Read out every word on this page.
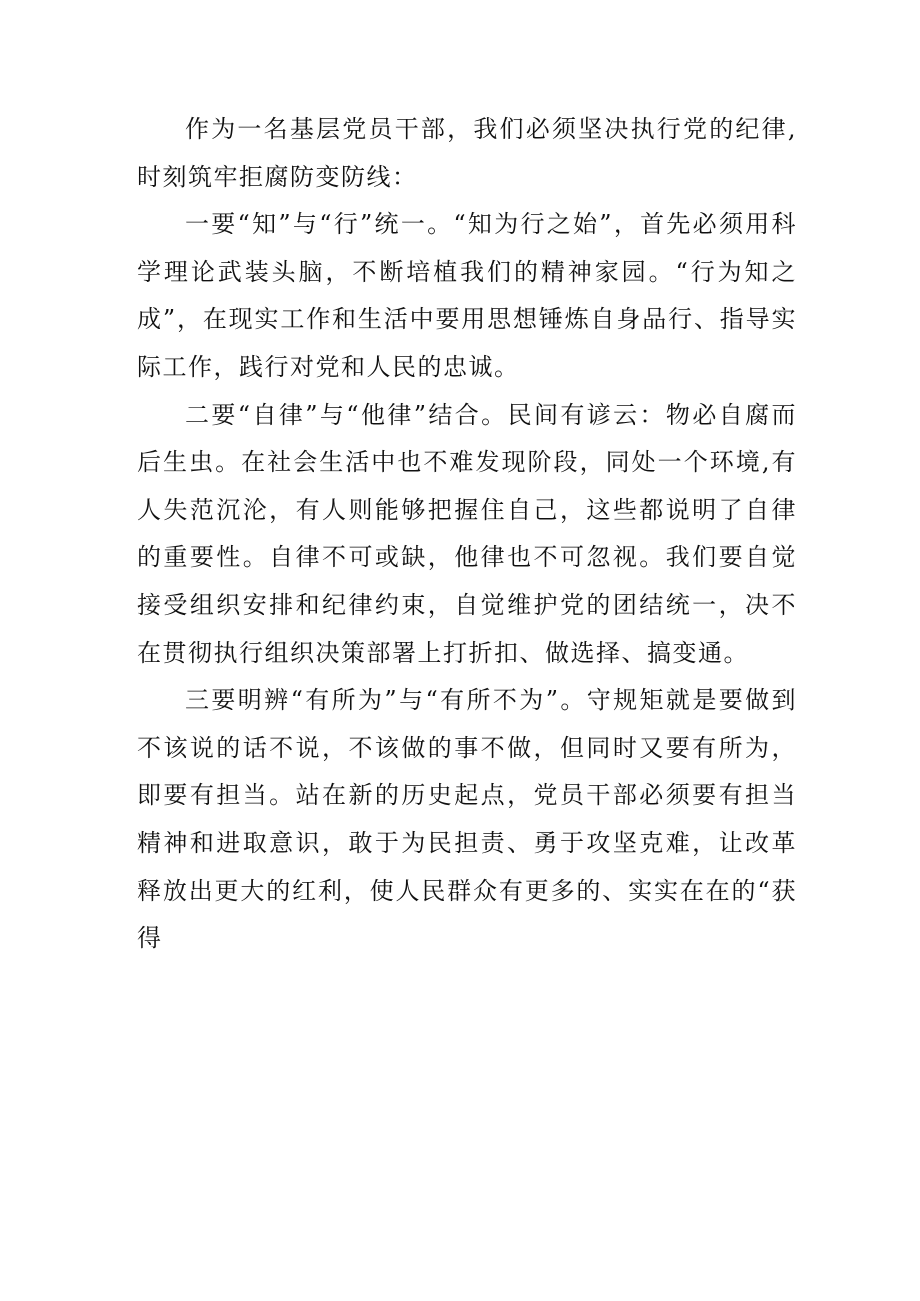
作为一名基层党员干部，我们必须坚决执行党的纪律,时刻筑牢拒腐防变防线：

一要“知”与“行”统一。“知为行之始”，首先必须用科学理论武装头脑，不断培植我们的精神家园。“行为知之成”，在现实工作和生活中要用思想锤炼自身品行、指导实际工作，践行对党和人民的忠诚。

二要“自律”与“他律”结合。民间有谚云：物必自腐而后生虫。在社会生活中也不难发现阶段，同处一个环境,有人失范沉沦，有人则能够把握住自己，这些都说明了自律的重要性。自律不可或缺，他律也不可忽视。我们要自觉接受组织安排和纪律约束，自觉维护党的团结统一，决不在贯彻执行组织决策部署上打折扣、做选择、搞变通。

三要明辨“有所为”与“有所不为”。守规矩就是要做到不该说的话不说，不该做的事不做，但同时又要有所为，即要有担当。站在新的历史起点，党员干部必须要有担当精神和进取意识，敢于为民担责、勇于攻坚克难，让改革释放出更大的红利，使人民群众有更多的、实实在在的“获得
